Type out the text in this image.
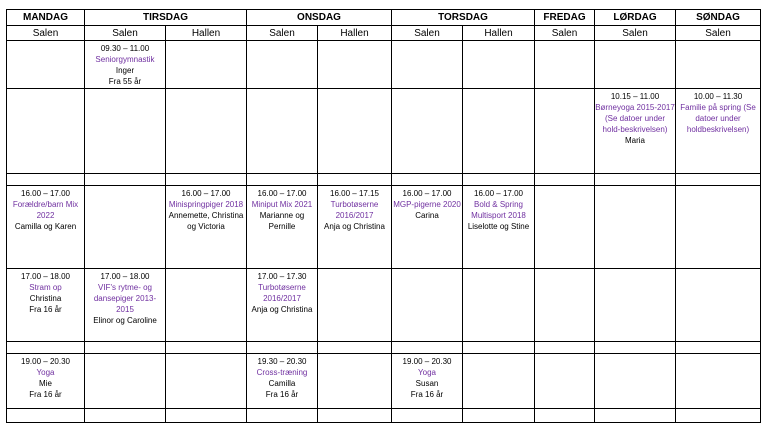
MANDAG	TIRSDAG		ONSDAG		TORSDAG		FREDAG	LØRDAG	SØNDAG
Salen	Salen	Hallen	Salen	Hallen	Salen	Hallen	Salen	Salen	Salen

	09.30 – 11.00
Seniorgymnastik
Inger
Fra 55 år								

								10.15 – 11.00
Børneyoga 2015-2017 (Se datoer under hold-beskrivelsen)
Maria	10.00 – 11.30
Familie på spring (Se datoer under holdbeskrivelsen)

16.00 – 17.00
Forældre/barn Mix 2022
Camilla og Karen		16.00 – 17.00
Minispringpiger 2018
Annemette, Christina og Victoria	16.00 – 17.00
Miniput Mix 2021
Marianne og Pernille	16.00 – 17.15
Turbotøserne 2016/2017
Anja og Christina	16.00 – 17.00
MGP-pigerne 2020
Carina	16.00 – 17.00
Bold & Spring Multisport 2018
Liselotte og Stine			

17.00 – 18.00
Stram op
Christina
Fra 16 år	17.00 – 18.00
VIF's rytme- og dansepiger 2013-2015
Elinor og Caroline		17.00 – 17.30
Turbotøserne 2016/2017
Anja og Christina						

19.00 – 20.30
Yoga
Mie
Fra 16 år			19.30 – 20.30
Cross-træning
Camilla
Fra 16 år		19.00 – 20.30
Yoga
Susan
Fra 16 år				
